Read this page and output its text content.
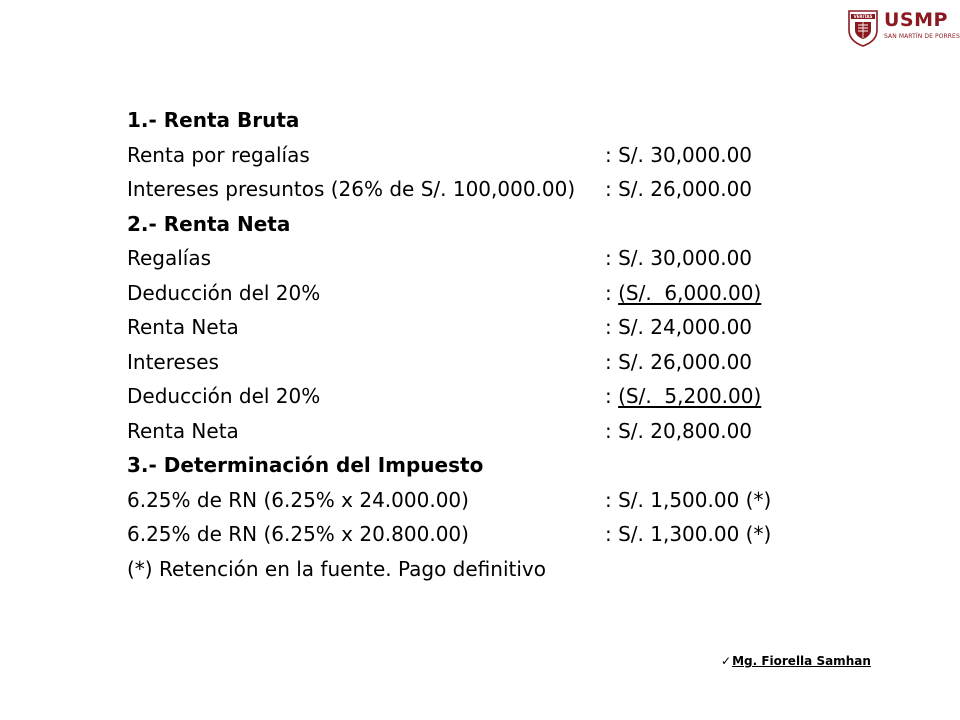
VERITAS USMP
SAN MARTÍN DE PORRES
1.- Renta Bruta
Renta por regalías	: S/. 30,000.00
Intereses presuntos (26% de S/. 100,000.00) : S/. 26,000.00
2.- Renta Neta
Regalías	: S/. 30,000.00
Deducción del 20%	: (S/.  6,000.00)
Renta Neta	: S/. 24,000.00
Intereses	: S/. 26,000.00
Deducción del 20%	: (S/.  5,200.00)
Renta Neta	: S/. 20,800.00
3.- Determinación del Impuesto
6.25% de RN (6.25% x 24.000.00)	: S/. 1,500.00 (*)
6.25% de RN (6.25% x 20.800.00)	: S/. 1,300.00 (*)
(*) Retención en la fuente. Pago definitivo
✓Mg. Fiorella Samhan
